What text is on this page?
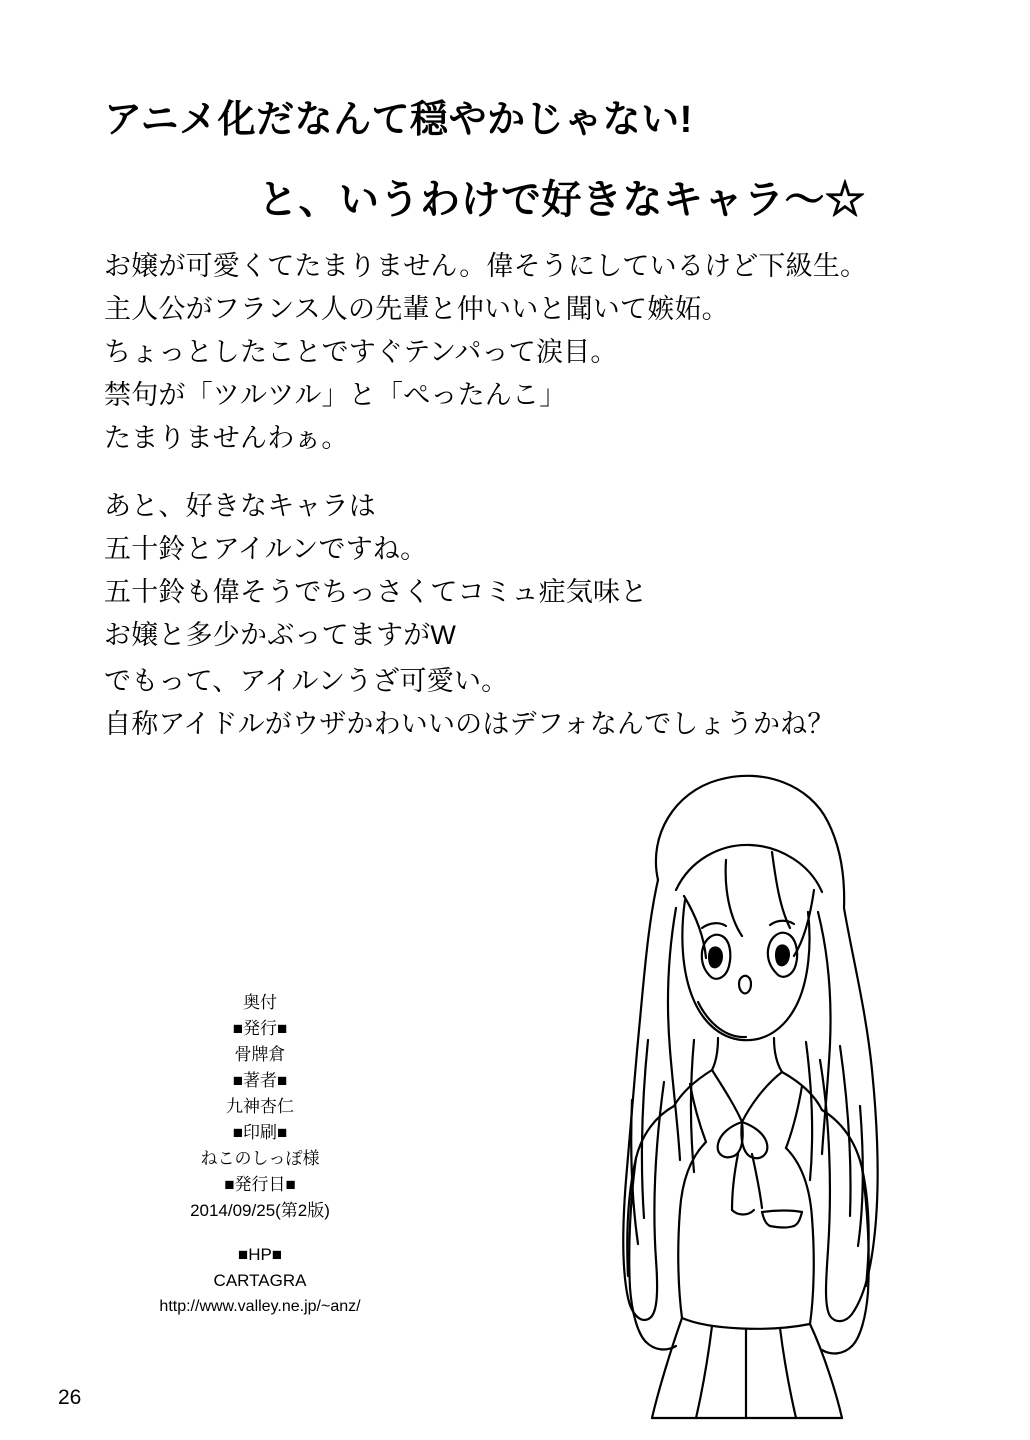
アニメ化だなんて穏やかじゃない!
と、いうわけで好きなキャラ～☆
お嬢が可愛くてたまりません。偉そうにしているけど下級生。
主人公がフランス人の先輩と仲いいと聞いて嫉妬。
ちょっとしたことですぐテンパって涙目。
禁句が「ツルツル」と「ぺったんこ」
たまりませんわぁ。
あと、好きなキャラは
五十鈴とアイルンですね。
五十鈴も偉そうでちっさくてコミュ症気味と
お嬢と多少かぶってますがW
でもって、アイルンうざ可愛い。
自称アイドルがウザかわいいのはデフォなんでしょうかね？
奥付
■発行■
骨牌倉
■著者■
九神杏仁
■印刷■
ねこのしっぽ様
■発行日■
2014/09/25(第2版)
■HP■
CARTAGRA
http://www.valley.ne.jp/~anz/
26
